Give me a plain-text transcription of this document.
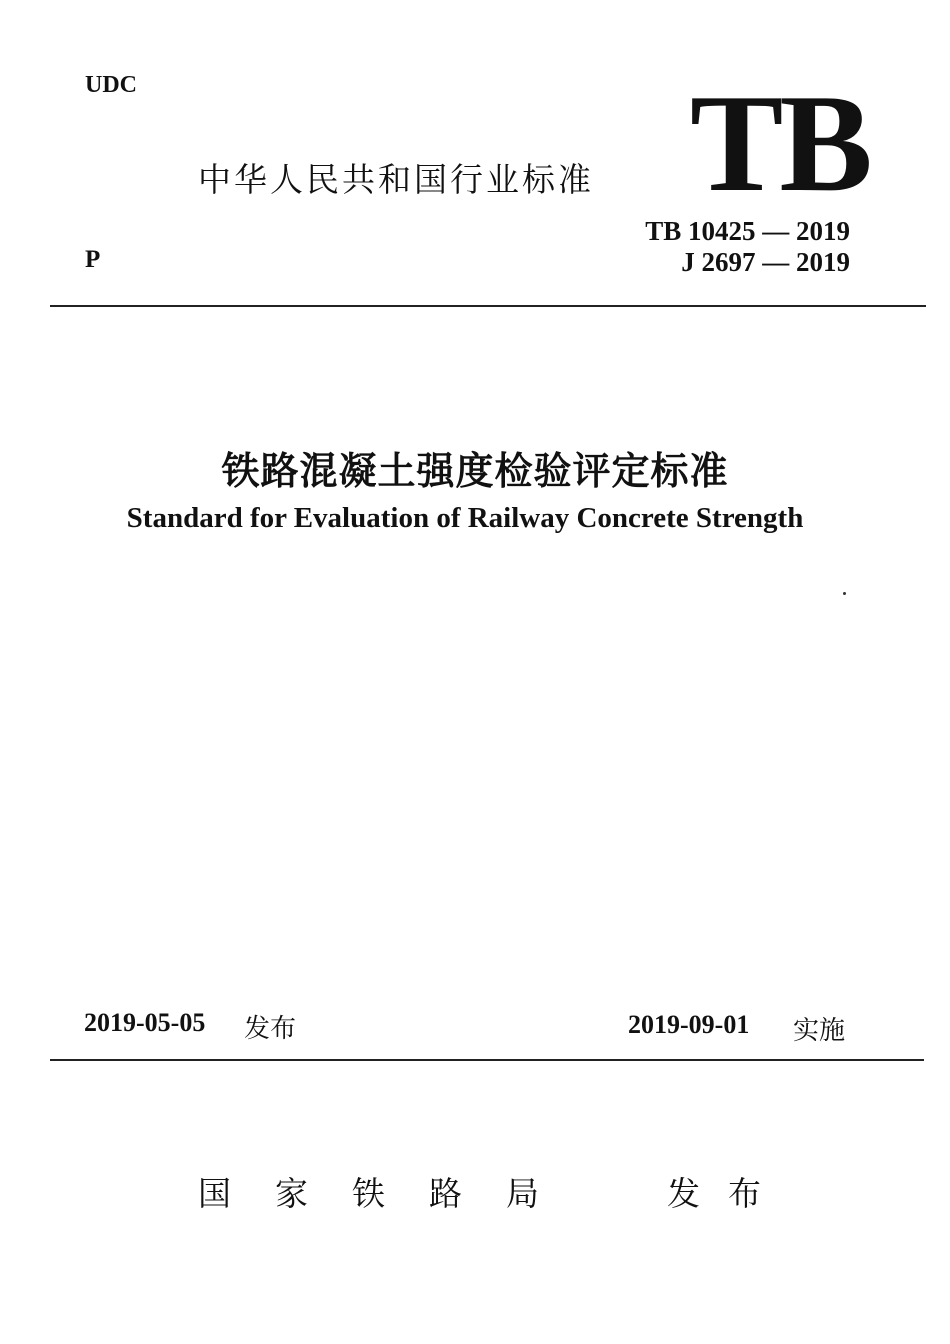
UDC
中华人民共和国行业标准 TB
TB 10425 — 2019
J 2697 — 2019
P
铁路混凝土强度检验评定标准
Standard for Evaluation of Railway Concrete Strength
2019-05-05 发布	2019-09-01 实施
国家铁路局	发布
